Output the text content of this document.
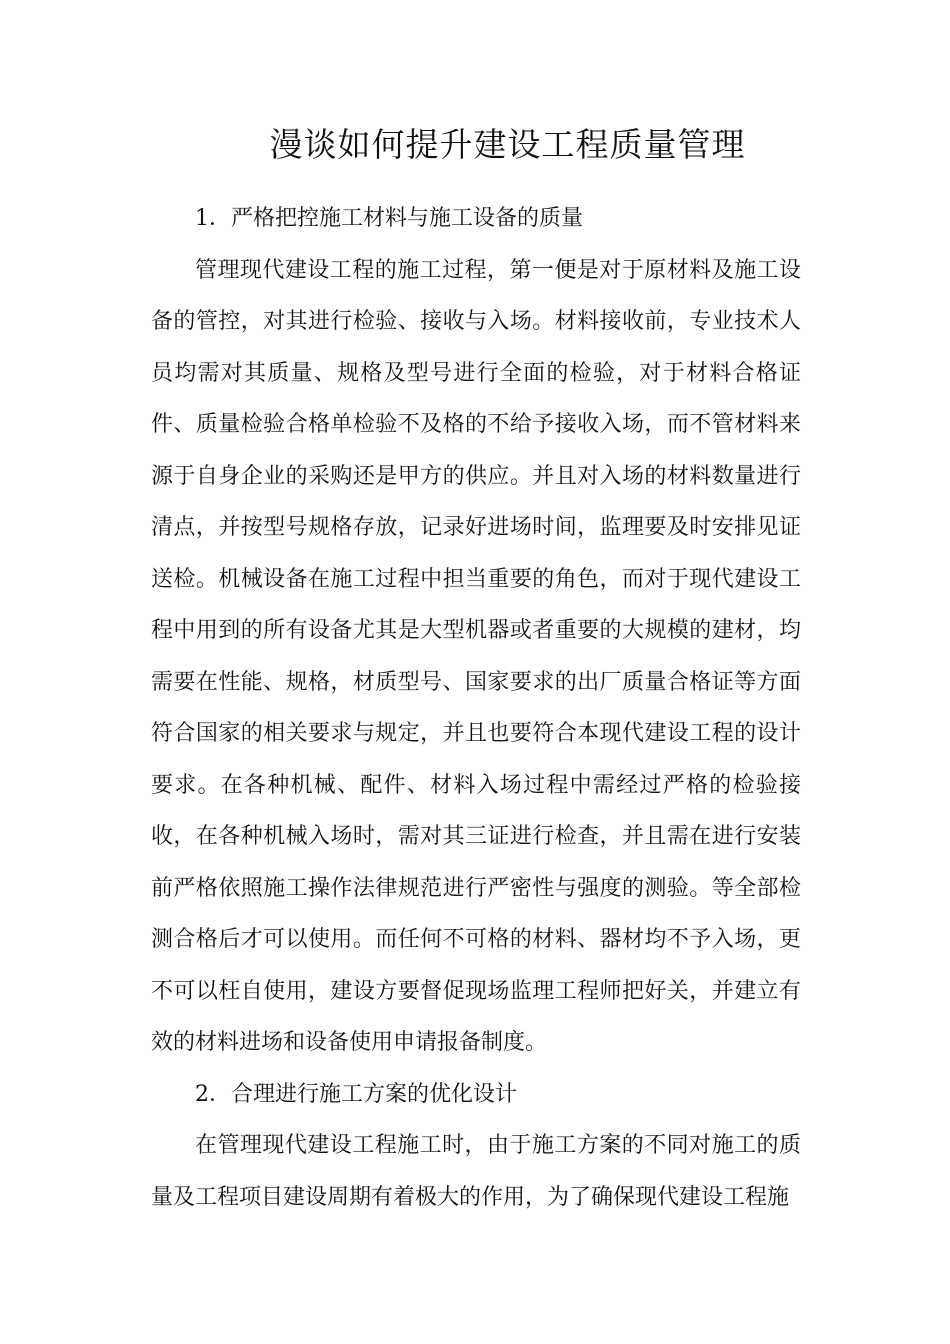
漫谈如何提升建设工程质量管理

1．严格把控施工材料与施工设备的质量

管理现代建设工程的施工过程，第一便是对于原材料及施工设备的管控，对其进行检验、接收与入场。材料接收前，专业技术人员均需对其质量、规格及型号进行全面的检验，对于材料合格证件、质量检验合格单检验不及格的不给予接收入场，而不管材料来源于自身企业的采购还是甲方的供应。并且对入场的材料数量进行清点，并按型号规格存放，记录好进场时间，监理要及时安排见证送检。机械设备在施工过程中担当重要的角色，而对于现代建设工程中用到的所有设备尤其是大型机器或者重要的大规模的建材，均需要在性能、规格，材质型号、国家要求的出厂质量合格证等方面符合国家的相关要求与规定，并且也要符合本现代建设工程的设计要求。在各种机械、配件、材料入场过程中需经过严格的检验接收，在各种机械入场时，需对其三证进行检查，并且需在进行安装前严格依照施工操作法律规范进行严密性与强度的测验。等全部检测合格后才可以使用。而任何不可格的材料、器材均不予入场，更不可以枉自使用，建设方要督促现场监理工程师把好关，并建立有效的材料进场和设备使用申请报备制度。

2．合理进行施工方案的优化设计

在管理现代建设工程施工时，由于施工方案的不同对施工的质量及工程项目建设周期有着极大的作用，为了确保现代建设工程施
